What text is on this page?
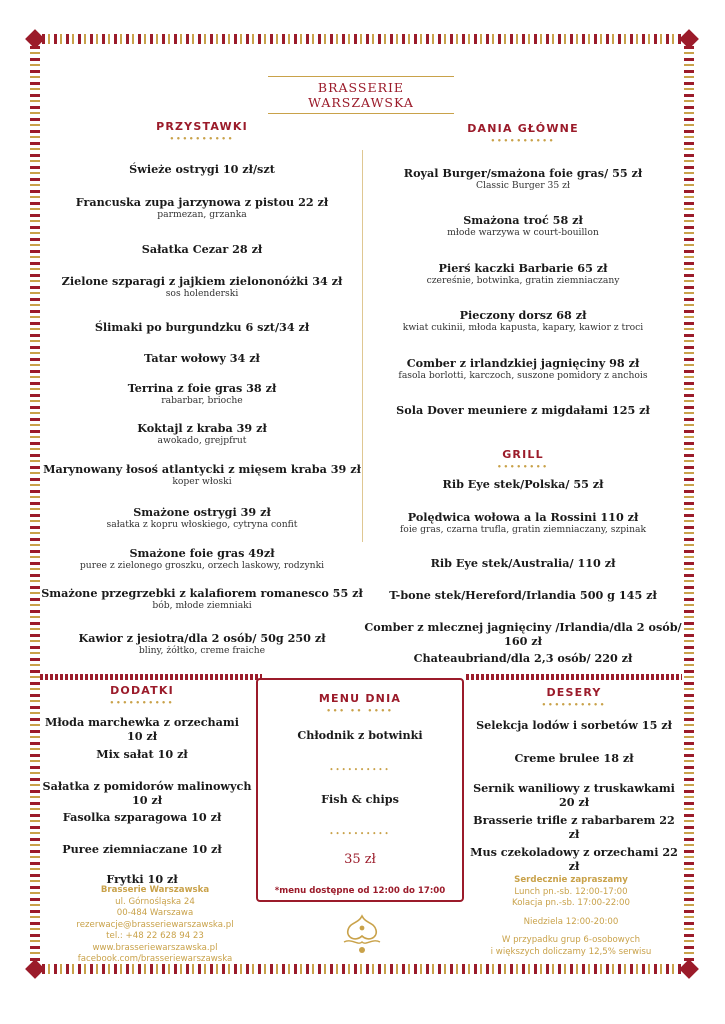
BRASSERIE WARSZAWSKA
PRZYSTAWKI
••••••••••
Świeże ostrygi 10 zł/szt
Francuska zupa jarzynowa z pistou 22 zł
parmezan, grzanka
Sałatka Cezar 28 zł
Zielone szparagi z jajkiem zielononóżki 34 zł
sos holenderski
Ślimaki po burgundzku 6 szt/34 zł
Tatar wołowy 34 zł
Terrina z foie gras 38 zł
rabarbar, brioche
Koktajl z kraba 39 zł
awokado, grejpfrut
Marynowany łosoś atlantycki z mięsem kraba 39 zł
koper włoski
Smażone ostrygi 39 zł
sałatka z kopru włoskiego, cytryna confit
Smażone foie gras 49zł
puree z zielonego groszku, orzech laskowy, rodzynki
Smażone przegrzebki z kalafiorem romanesco 55 zł
bób, młode ziemniaki
Kawior z jesiotra/dla 2 osób/ 50g 250 zł
bliny, żółtko, creme fraiche
DANIA GŁÓWNE
••••••••••
Royal Burger/smażona foie gras/ 55 zł
Classic Burger 35 zł
Smażona troć 58 zł
młode warzywa w court-bouillon
Pierś kaczki Barbarie 65 zł
czereśnie, botwinka, gratin ziemniaczany
Pieczony dorsz 68 zł
kwiat cukinii, młoda kapusta, kapary, kawior z troci
Comber z irlandzkiej jagnięciny 98 zł
fasola borlotti, karczoch, suszone pomidory z anchois
Sola Dover meuniere z migdałami 125 zł
GRILL
••••••••
Rib Eye stek/Polska/ 55 zł
Polędwica wołowa a la Rossini 110 zł
foie gras, czarna trufla, gratin ziemniaczany, szpinak
Rib Eye stek/Australia/ 110 zł
T-bone stek/Hereford/Irlandia 500 g 145 zł
Comber z mlecznej jagnięciny /Irlandia/dla 2 osób/ 160 zł
Chateaubriand/dla 2,3 osób/ 220 zł
DODATKI
••••••••••
Młoda marchewka z orzechami 10 zł
Mix sałat 10 zł
Sałatka z pomidorów malinowych 10 zł
Fasolka szparagowa 10 zł
Puree ziemniaczane 10 zł
Frytki 10 zł
MENU DNIA
••• •• ••••
Chłodnik z botwinki
••••••••••
Fish & chips
••••••••••
35 zł
*menu dostępne od 12:00 do 17:00
DESERY
••••••••••
Selekcja lodów i sorbetów 15 zł
Creme brulee 18 zł
Sernik waniliowy z truskawkami 20 zł
Brasserie trifle z rabarbarem 22 zł
Mus czekoladowy z orzechami 22 zł
Brasserie Warszawska
ul. Górnośląska 24
00-484 Warszawa
rezerwacje@brasseriewarszawska.pl
tel.: +48 22 628 94 23
www.brasseriewarszawska.pl
facebook.com/brasseriewarszawska
Serdecznie zapraszamy
Lunch pn.-sb. 12:00-17:00
Kolacja pn.-sb. 17:00-22:00
Niedziela 12:00-20:00
W przypadku grup 6-osobowych
i większych doliczamy 12,5% serwisu
